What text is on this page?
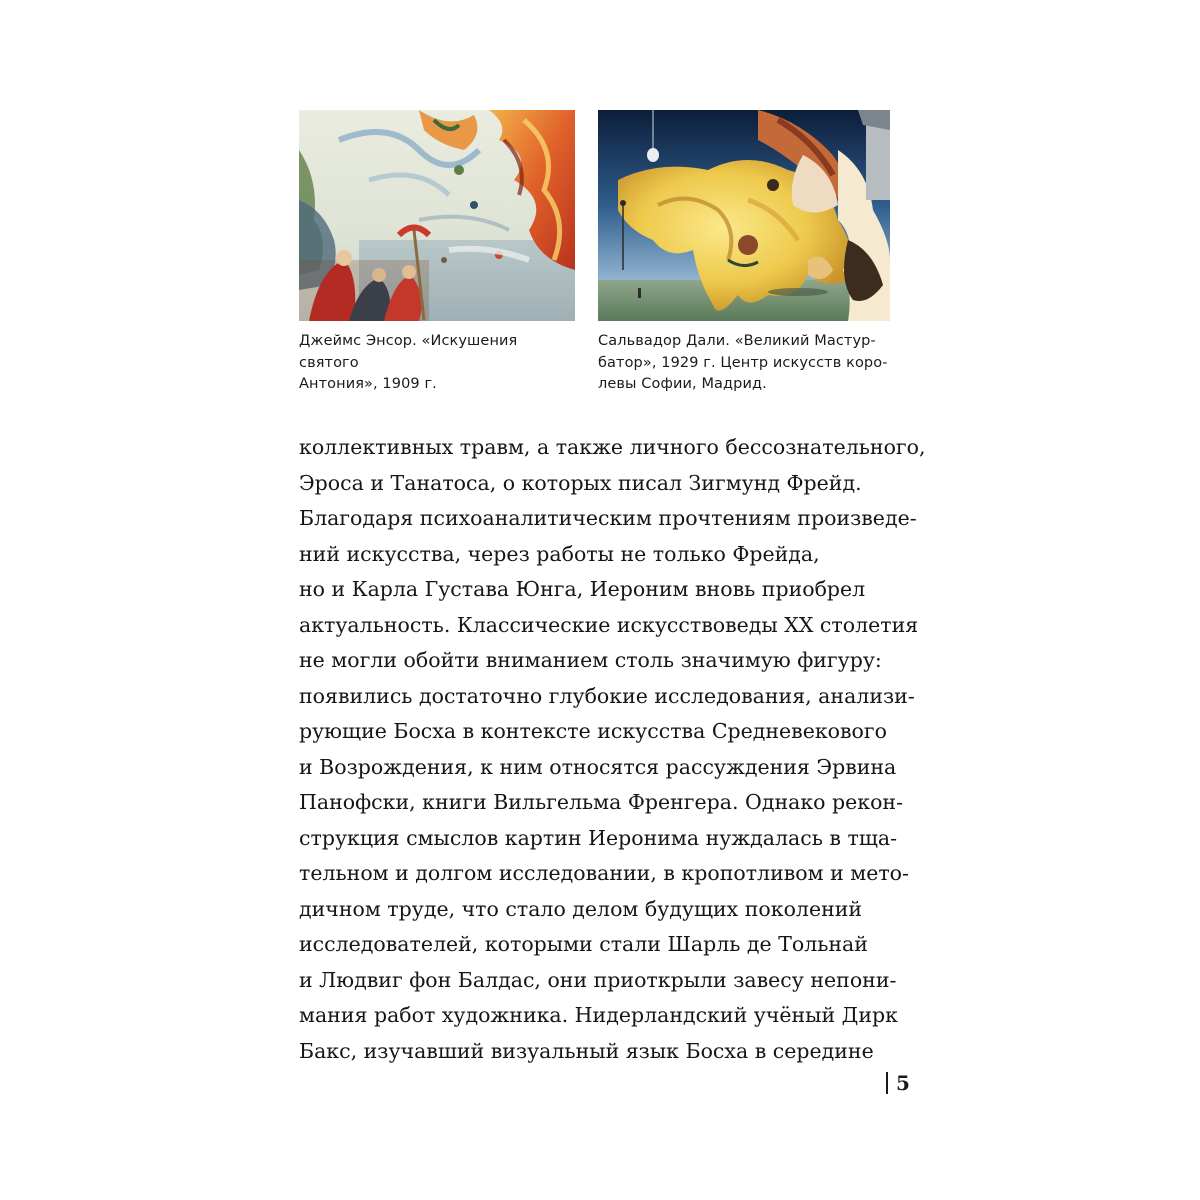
Джеймс Энсор. «Искушения святого
Антония», 1909 г.
Сальвадор Дали. «Великий Мастур-
батор», 1929 г. Центр искусств коро-
левы Софии, Мадрид.
коллективных травм, а также личного бессознательного,
Эроса и Танатоса, о которых писал Зигмунд Фрейд.
Благодаря психоаналитическим прочтениям произведе-
ний искусства, через работы не только Фрейда,
но и Карла Густава Юнга, Иероним вновь приобрел
актуальность. Классические искусствоведы XX столетия
не могли обойти вниманием столь значимую фигуру:
появились достаточно глубокие исследования, анализи-
рующие Босха в контексте искусства Средневекового
и Возрождения, к ним относятся рассуждения Эрвина
Панофски, книги Вильгельма Френгера. Однако рекон-
струкция смыслов картин Иеронима нуждалась в тща-
тельном и долгом исследовании, в кропотливом и мето-
дичном труде, что стало делом будущих поколений
исследователей, которыми стали Шарль де Тольнай
и Людвиг фон Балдас, они приоткрыли завесу непони-
мания работ художника. Нидерландский учёный Дирк
Бакс, изучавший визуальный язык Босха в середине
5
